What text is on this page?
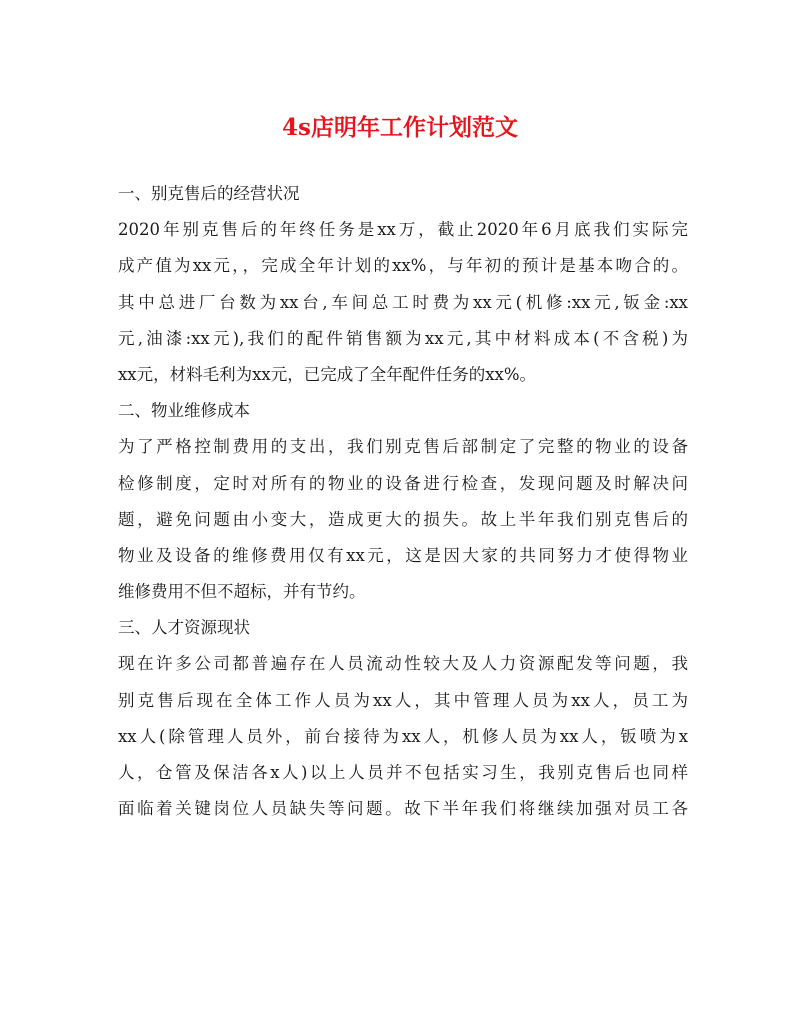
4s店明年工作计划范文
一、别克售后的经营状况
2020年别克售后的年终任务是xx万，截止2020年6月底我们实际完
成产值为xx元，，完成全年计划的xx%，与年初的预计是基本吻合的。
其中总进厂台数为xx台,车间总工时费为xx元(机修:xx元,钣金:xx
元,油漆:xx元),我们的配件销售额为xx元,其中材料成本(不含税)为
xx元，材料毛利为xx元，已完成了全年配件任务的xx%。
二、物业维修成本
为了严格控制费用的支出，我们别克售后部制定了完整的物业的设备
检修制度，定时对所有的物业的设备进行检查，发现问题及时解决问
题，避免问题由小变大，造成更大的损失。故上半年我们别克售后的
物业及设备的维修费用仅有xx元，这是因大家的共同努力才使得物业
维修费用不但不超标，并有节约。
三、人才资源现状
现在许多公司都普遍存在人员流动性较大及人力资源配发等问题，我
别克售后现在全体工作人员为xx人，其中管理人员为xx人，员工为
xx人(除管理人员外，前台接待为xx人，机修人员为xx人，钣喷为x
人，仓管及保洁各x人)以上人员并不包括实习生，我别克售后也同样
面临着关键岗位人员缺失等问题。故下半年我们将继续加强对员工各
